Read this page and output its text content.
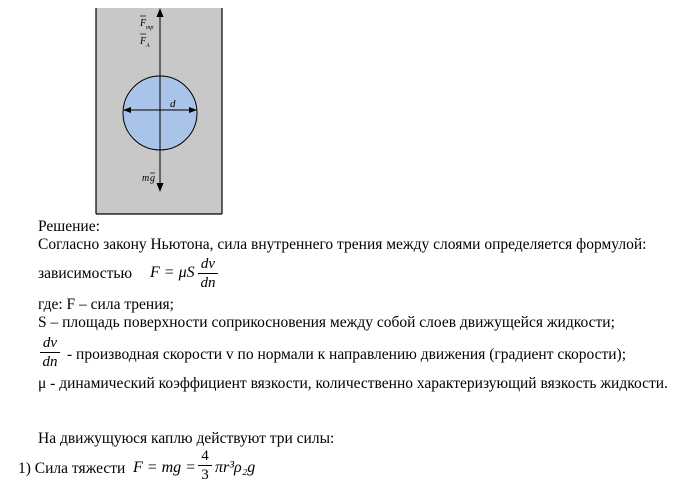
d
F тр
F A
m g
Решение:
Согласно закону Ньютона, сила внутреннего трения между слоями определяется формулой:
зависимостью F = μS dv
dn
где: F – сила трения;
S – площадь поверхности соприкосновения между собой слоев движущейся жидкости;
dv
dn - производная скорости v по нормали к направлению движения (градиент скорости);
μ - динамический коэффициент вязкости, количественно характеризующий вязкость жидкости.
На движущуюся каплю действуют три силы:
1) Сила тяжести F = mg =
4
3 πr³ρ₂g
